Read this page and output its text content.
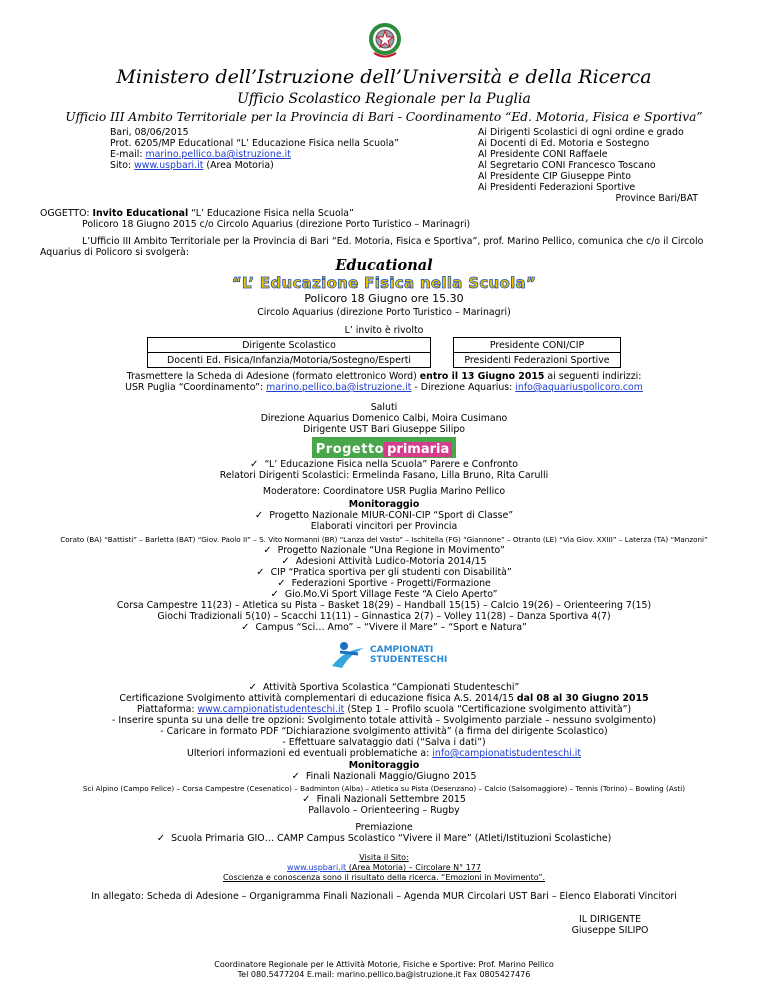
Ministero dell’Istruzione dell’Università e della Ricerca
Ufficio Scolastico Regionale per la Puglia
Ufficio III Ambito Territoriale per la Provincia di Bari - Coordinamento “Ed. Motoria, Fisica e Sportiva”
Bari, 08/06/2015
Prot. 6205/MP Educational “L’ Educazione Fisica nella Scuola”
E-mail: marino.pellico.ba@istruzione.it
Sito: www.uspbari.it (Area Motoria)
Ai Dirigenti Scolastici di ogni ordine e grado
Ai Docenti di Ed. Motoria e Sostegno
Al Presidente CONI Raffaele
Al Segretario CONI Francesco Toscano
Al Presidente CIP Giuseppe Pinto
Ai Presidenti Federazioni Sportive
Province Bari/BAT
OGGETTO: Invito Educational “L’ Educazione Fisica nella Scuola”
Policoro 18 Giugno 2015 c/o Circolo Aquarius (direzione Porto Turistico – Marinagri)
L’Ufficio III Ambito Territoriale per la Provincia di Bari “Ed. Motoria, Fisica e Sportiva”, prof. Marino Pellico, comunica che c/o il Circolo
Aquarius di Policoro si svolgerà:
Educational
“L’ Educazione Fisica nella Scuola”
Policoro 18 Giugno ore 15.30
Circolo Aquarius (direzione Porto Turistico – Marinagri)
L’ invito è rivolto
Dirigente Scolastico		Presidente CONI/CIP
Docenti Ed. Fisica/Infanzia/Motoria/Sostegno/Esperti		Presidenti Federazioni Sportive
Trasmettere la Scheda di Adesione (formato elettronico Word) entro il 13 Giugno 2015 ai seguenti indirizzi:
USR Puglia “Coordinamento”: marino.pellico.ba@istruzione.it - Direzione Aquarius: info@aquariuspolicoro.com
Saluti
Direzione Aquarius Domenico Calbi, Moira Cusimano
Dirigente UST Bari Giuseppe Silipo
Progetto primaria
✓ “L’ Educazione Fisica nella Scuola” Parere e Confronto
Relatori Dirigenti Scolastici: Ermelinda Fasano, Lilla Bruno, Rita Carulli
Moderatore: Coordinatore USR Puglia Marino Pellico
Monitoraggio
✓ Progetto Nazionale MIUR-CONI-CIP “Sport di Classe”
Elaborati vincitori per Provincia
Corato (BA) “Battisti” – Barletta (BAT) “Giov. Paolo II” – S. Vito Normanni (BR) “Lanza del Vasto” – Ischitella (FG) “Giannone” – Otranto (LE) “Via Giov. XXIII” – Laterza (TA) “Manzoni”
✓ Progetto Nazionale “Una Regione in Movimento”
✓ Adesioni Attività Ludico-Motoria 2014/15
✓ CIP “Pratica sportiva per gli studenti con Disabilità”
✓ Federazioni Sportive - Progetti/Formazione
✓ Gio.Mo.Vi Sport Village Feste “A Cielo Aperto”
Corsa Campestre 11(23) – Atletica su Pista – Basket 18(29) – Handball 15(15) – Calcio 19(26) – Orienteering 7(15)
Giochi Tradizionali 5(10) – Scacchi 11(11) – Ginnastica 2(7) – Volley 11(28) – Danza Sportiva 4(7)
✓ Campus “Sci… Amo” – “Vivere il Mare” – “Sport e Natura”
CAMPIONATI
STUDENTESCHI
✓ Attività Sportiva Scolastica “Campionati Studenteschi”
Certificazione Svolgimento attività complementari di educazione fisica A.S. 2014/15 dal 08 al 30 Giugno 2015
Piattaforma: www.campionatistudenteschi.it (Step 1 – Profilo scuola “Certificazione svolgimento attività”)
- Inserire spunta su una delle tre opzioni: Svolgimento totale attività – Svolgimento parziale – nessuno svolgimento)
- Caricare in formato PDF “Dichiarazione svolgimento attività” (a firma del dirigente Scolastico)
- Effettuare salvataggio dati (“Salva i dati”)
Ulteriori informazioni ed eventuali problematiche a: info@campionatistudenteschi.it
Monitoraggio
✓ Finali Nazionali Maggio/Giugno 2015
Sci Alpino (Campo Felice) – Corsa Campestre (Cesenatico) – Badminton (Alba) – Atletica su Pista (Desenzano) – Calcio (Salsomaggiore) – Tennis (Torino) – Bowling (Asti)
✓ Finali Nazionali Settembre 2015
Pallavolo – Orienteering – Rugby
Premiazione
✓ Scuola Primaria GIO… CAMP Campus Scolastico “Vivere il Mare” (Atleti/Istituzioni Scolastiche)
Visita il Sito:
www.uspbari.it (Area Motoria) – Circolare N° 177
Coscienza e conoscenza sono il risultato della ricerca. “Emozioni in Movimento”.
In allegato: Scheda di Adesione – Organigramma Finali Nazionali – Agenda MUR Circolari UST Bari – Elenco Elaborati Vincitori
IL DIRIGENTE
Giuseppe SILIPO
Coordinatore Regionale per le Attività Motorie, Fisiche e Sportive: Prof. Marino Pellico
Tel 080.5477204 E.mail: marino.pellico.ba@istruzione.it Fax 0805427476
